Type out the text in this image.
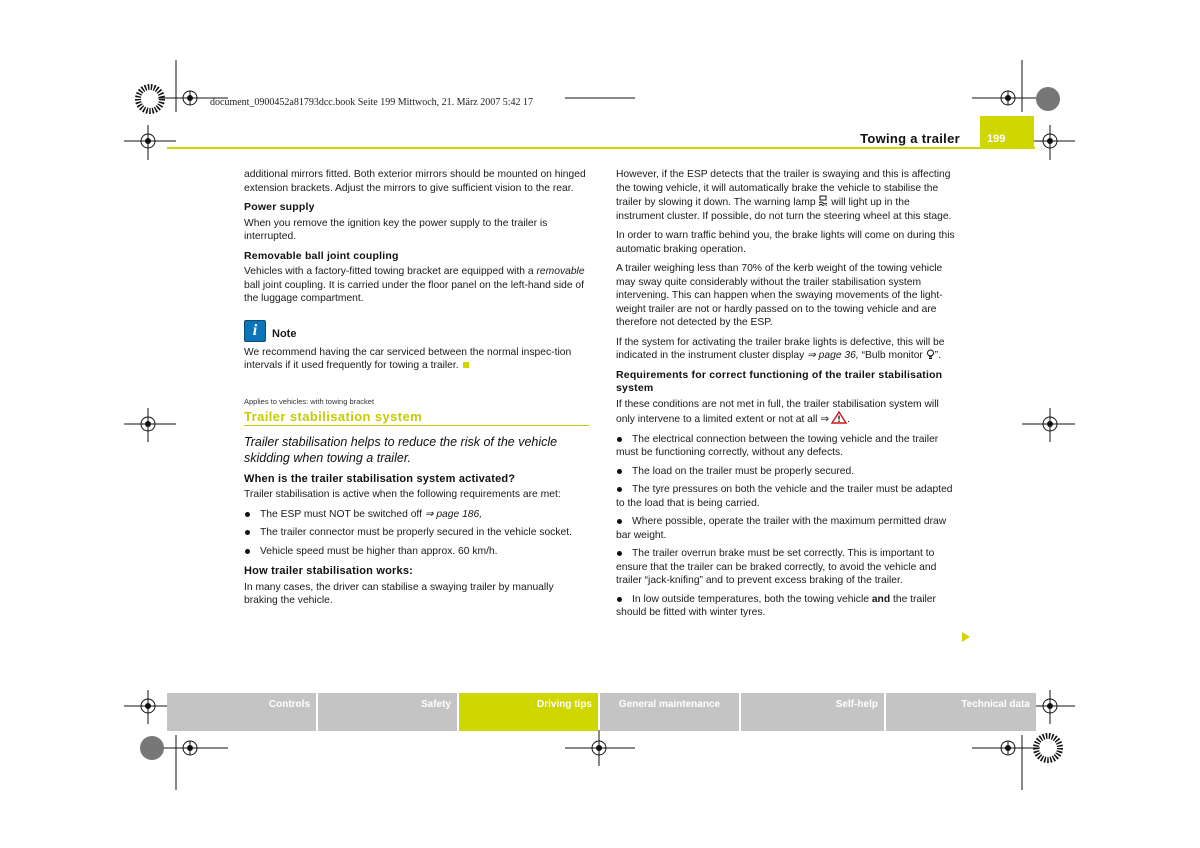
document_0900452a81793dcc.book Seite 199 Mittwoch, 21. März 2007 5:42 17
Towing a trailer 199

additional mirrors fitted. Both exterior mirrors should be mounted on hinged extension brackets. Adjust the mirrors to give sufficient vision to the rear.

Power supply

When you remove the ignition key the power supply to the trailer is interrupted.

Removable ball joint coupling

Vehicles with a factory-fitted towing bracket are equipped with a removable ball joint coupling. It is carried under the floor panel on the left-hand side of the luggage compartment.

i	Note

We recommend having the car serviced between the normal inspec-tion intervals if it used frequently for towing a trailer.

Applies to vehicles: with towing bracket
Trailer stabilisation system

Trailer stabilisation helps to reduce the risk of the vehicle skidding when towing a trailer.

When is the trailer stabilisation system activated?

Trailer stabilisation is active when the following requirements are met:

The ESP must NOT be switched off ⇒ page 186,
The trailer connector must be properly secured in the vehicle socket.
Vehicle speed must be higher than approx. 60 km/h.
How trailer stabilisation works:

In many cases, the driver can stabilise a swaying trailer by manually braking the vehicle.

However, if the ESP detects that the trailer is swaying and this is affecting the towing vehicle, it will automatically brake the vehicle to stabilise the trailer by slowing it down. The warning lamp  will light up in the instrument cluster. If possible, do not turn the steering wheel at this stage.

In order to warn traffic behind you, the brake lights will come on during this automatic braking operation.

A trailer weighing less than 70% of the kerb weight of the towing vehicle may sway quite considerably without the trailer stabilisation system intervening. This can happen when the swaying movements of the light-weight trailer are not or hardly passed on to the towing vehicle and are therefore not detected by the ESP.

If the system for activating the trailer brake lights is defective, this will be indicated in the instrument cluster display ⇒ page 36, “Bulb monitor ”.

Requirements for correct functioning of the trailer stabilisation system

If these conditions are not met in full, the trailer stabilisation system will only intervene to a limited extent or not at all ⇒ .

The electrical connection between the towing vehicle and the trailer must be functioning correctly, without any defects.
The load on the trailer must be properly secured.
The tyre pressures on both the vehicle and the trailer must be adapted to the load that is being carried.
Where possible, operate the trailer with the maximum permitted draw bar weight.
The trailer overrun brake must be set correctly. This is important to ensure that the trailer can be braked correctly, to avoid the vehicle and trailer “jack-knifing” and to prevent excess braking of the trailer.
In low outside temperatures, both the towing vehicle and the trailer should be fitted with winter tyres.
Controls	Safety	Driving tips	General maintenance	Self-help	Technical data
